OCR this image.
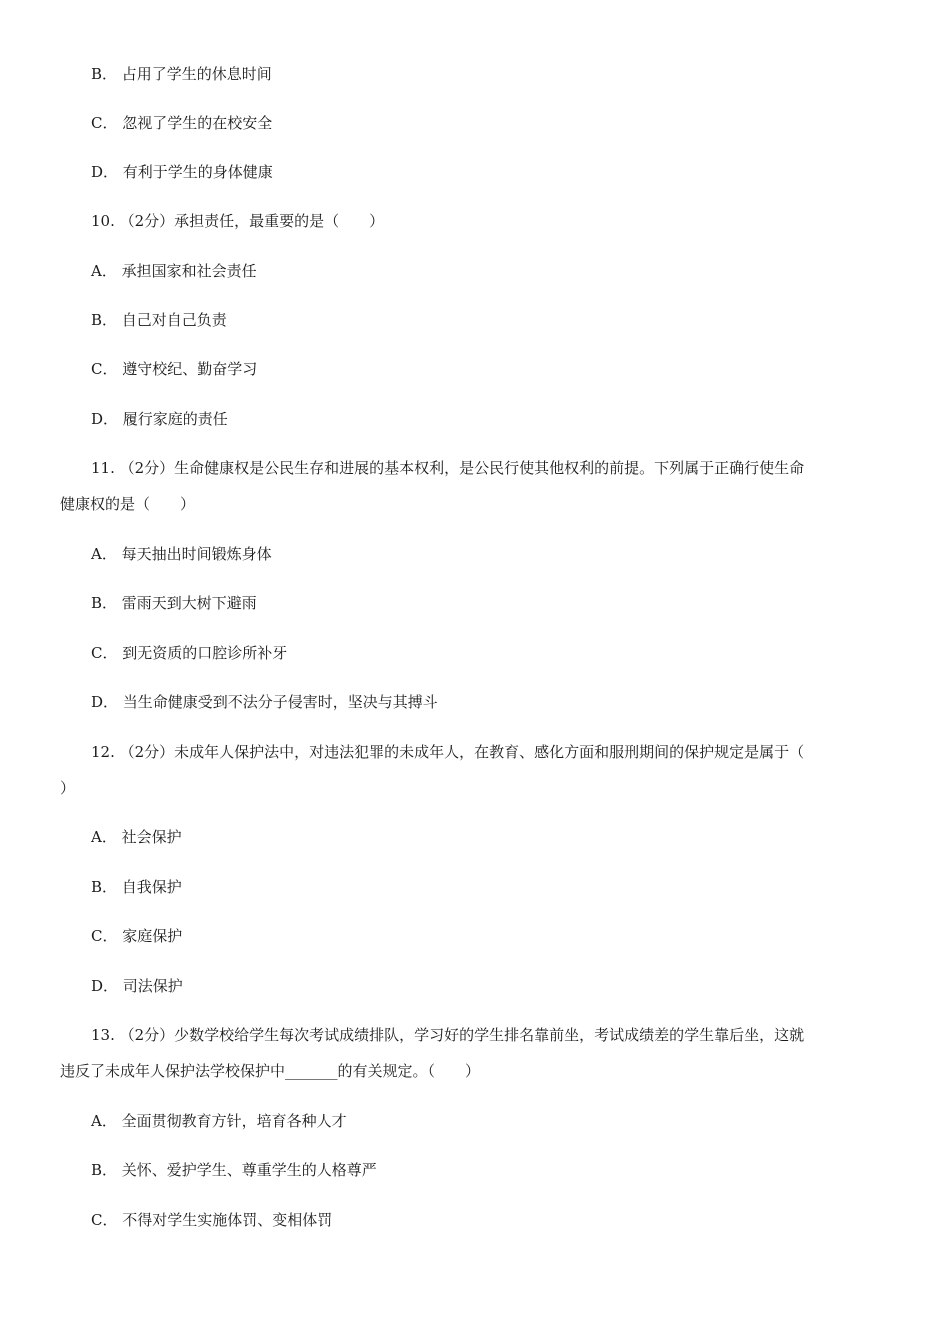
B． 占用了学生的休息时间
C． 忽视了学生的在校安全
D． 有利于学生的身体健康
10. （2分）承担责任，最重要的是（　　）
A． 承担国家和社会责任
B． 自己对自己负责
C． 遵守校纪、勤奋学习
D． 履行家庭的责任
11. （2分）生命健康权是公民生存和进展的基本权利，是公民行使其他权利的前提。下列属于正确行使生命
健康权的是（　　）
A． 每天抽出时间锻炼身体
B． 雷雨天到大树下避雨
C． 到无资质的口腔诊所补牙
D． 当生命健康受到不法分子侵害时，坚决与其搏斗
12. （2分）未成年人保护法中，对违法犯罪的未成年人，在教育、感化方面和服刑期间的保护规定是属于（
）
A． 社会保护
B． 自我保护
C． 家庭保护
D． 司法保护
13. （2分）少数学校给学生每次考试成绩排队，学习好的学生排名靠前坐，考试成绩差的学生靠后坐，这就
违反了未成年人保护法学校保护中_______的有关规定。（　　）
A． 全面贯彻教育方针，培育各种人才
B． 关怀、爱护学生、尊重学生的人格尊严
C． 不得对学生实施体罚、变相体罚
